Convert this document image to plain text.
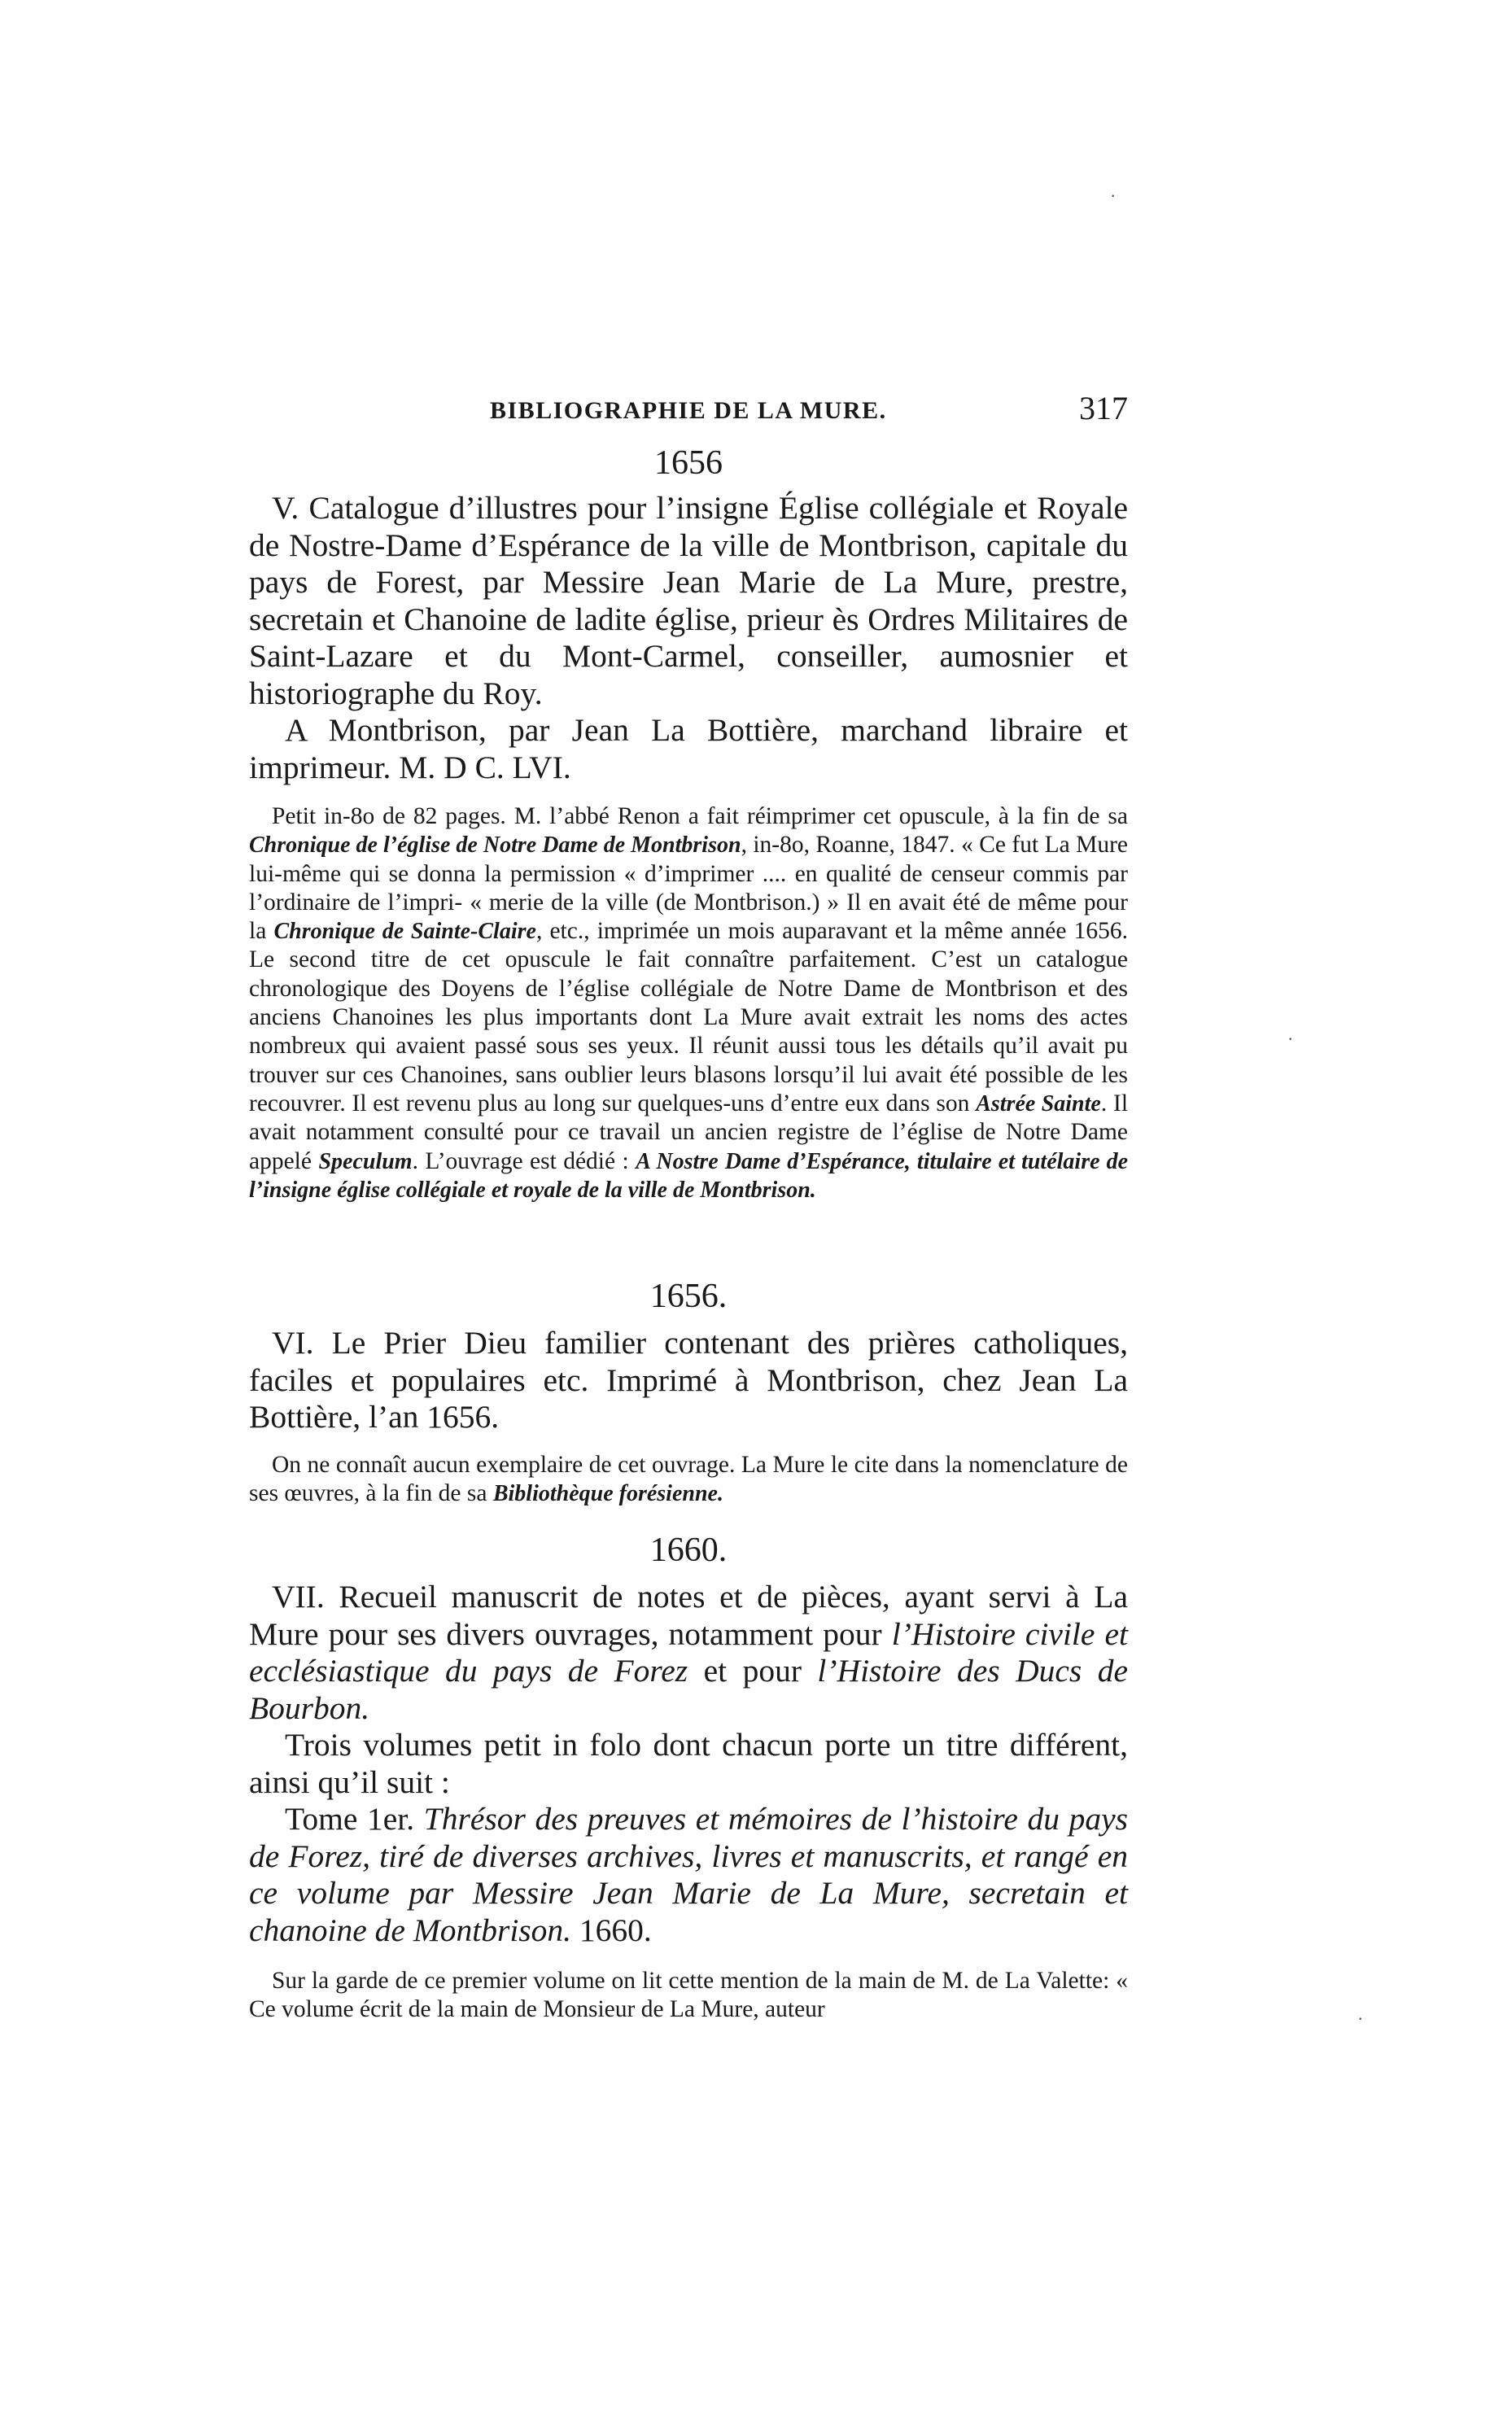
BIBLIOGRAPHIE DE LA MURE.	317

1656

V. Catalogue d’illustres pour l’insigne Église collégiale et Royale de Nostre-Dame d’Espérance de la ville de Montbrison, capitale du pays de Forest, par Messire Jean Marie de La Mure, prestre, secretain et Chanoine de ladite église, prieur ès Ordres Militaires de Saint-Lazare et du Mont-Carmel, conseiller, aumosnier et historiographe du Roy.

A Montbrison, par Jean La Bottière, marchand libraire et imprimeur. M. D C. LVI.

Petit in-8o de 82 pages. M. l’abbé Renon a fait réimprimer cet opuscule, à la fin de sa Chronique de l’église de Notre Dame de Montbrison, in-8o, Roanne, 1847. « Ce fut La Mure lui-même qui se donna la permission « d’imprimer .... en qualité de censeur commis par l’ordinaire de l’impri- « merie de la ville (de Montbrison.) » Il en avait été de même pour la Chronique de Sainte-Claire, etc., imprimée un mois auparavant et la même année 1656. Le second titre de cet opuscule le fait connaître parfaitement. C’est un catalogue chronologique des Doyens de l’église collégiale de Notre Dame de Montbrison et des anciens Chanoines les plus importants dont La Mure avait extrait les noms des actes nombreux qui avaient passé sous ses yeux. Il réunit aussi tous les détails qu’il avait pu trouver sur ces Chanoines, sans oublier leurs blasons lorsqu’il lui avait été possible de les recouvrer. Il est revenu plus au long sur quelques-uns d’entre eux dans son Astrée Sainte. Il avait notamment consulté pour ce travail un ancien registre de l’église de Notre Dame appelé Speculum. L’ouvrage est dédié : A Nostre Dame d’Espérance, titulaire et tutélaire de l’insigne église collégiale et royale de la ville de Montbrison.

1656.

VI. Le Prier Dieu familier contenant des prières catholiques, faciles et populaires etc. Imprimé à Montbrison, chez Jean La Bottière, l’an 1656.

On ne connaît aucun exemplaire de cet ouvrage. La Mure le cite dans la nomenclature de ses œuvres, à la fin de sa Bibliothèque forésienne.

1660.

VII. Recueil manuscrit de notes et de pièces, ayant servi à La Mure pour ses divers ouvrages, notamment pour l’Histoire civile et ecclésiastique du pays de Forez et pour l’Histoire des Ducs de Bourbon.

Trois volumes petit in folo dont chacun porte un titre différent, ainsi qu’il suit :

Tome 1er. Thrésor des preuves et mémoires de l’histoire du pays de Forez, tiré de diverses archives, livres et manuscrits, et rangé en ce volume par Messire Jean Marie de La Mure, secretain et chanoine de Montbrison. 1660.

Sur la garde de ce premier volume on lit cette mention de la main de M. de La Valette: « Ce volume écrit de la main de Monsieur de La Mure, auteur

·
·
·
